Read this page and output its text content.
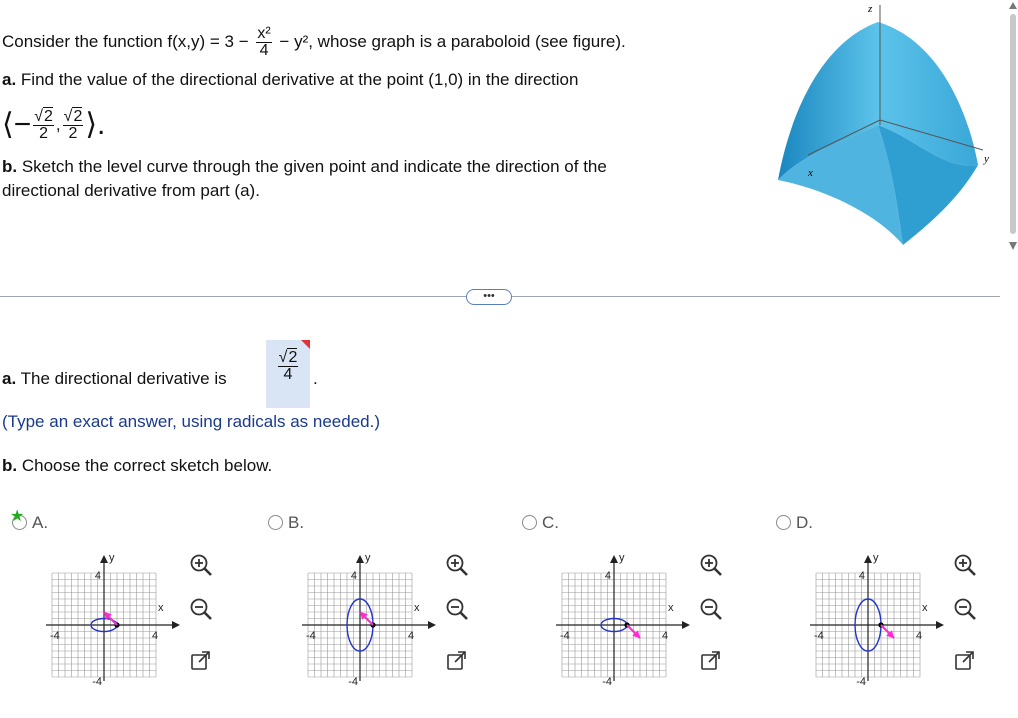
Consider the function $f(x,y) = 3 - \frac{\text{x²}}{4} - y^2$, whose graph is a paraboloid (see figure).
a. Find the value of the directional derivative at the point (1,0) in the direction
⟨− $\frac{√2}{2}$ , $\frac{√2}{2}$ ⟩.
b. Sketch the level curve through the given point and indicate the direction of the
directional derivative from part (a).
z
x
y
•••
a. The directional derivative is	$\frac{√2}{4}$ .
(Type an exact answer, using radicals as needed.)
b. Choose the correct sketch below.
★ A.
y
x
4
-4
-4	4
B.
y
x
4
-4
-4	4
C.
y
x
4
-4
-4	4
D.
y
x
4
-4
-4	4
